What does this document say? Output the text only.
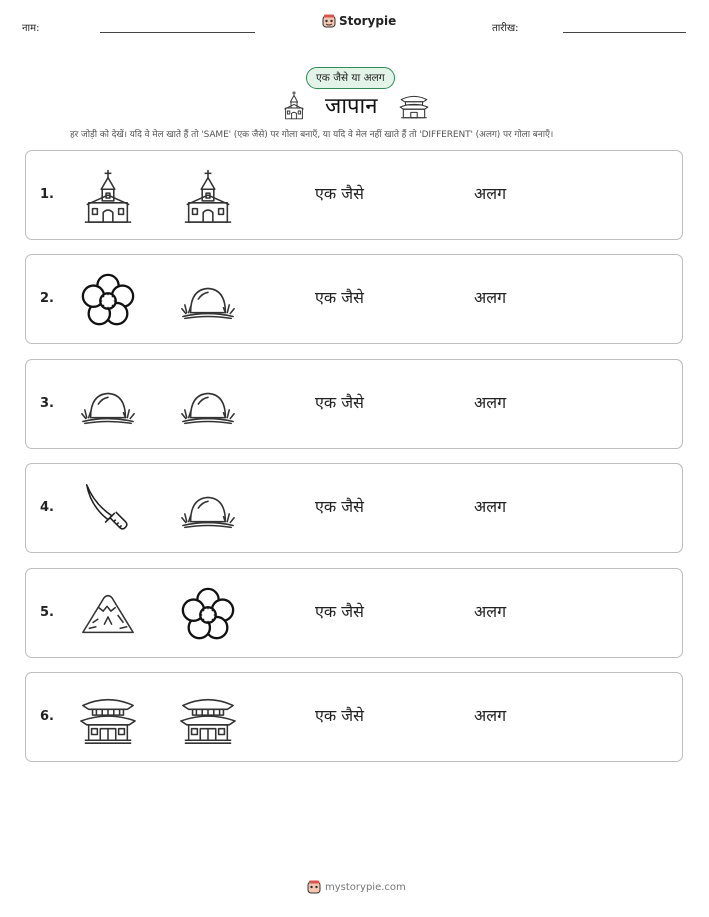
नाम:
Storypie
तारीख:
एक जैसे या अलग
जापान
हर जोड़ी को देखें। यदि वे मेल खाते हैं तो 'SAME' (एक जैसे) पर गोला बनाएँ, या यदि वे मेल नहीं खाते हैं तो 'DIFFERENT' (अलग) पर गोला बनाएँ।
1.	एक जैसे	अलग
2.	एक जैसे	अलग
3.	एक जैसे	अलग
4.	एक जैसे	अलग
5.	एक जैसे	अलग
6.	एक जैसे	अलग
mystorypie.com
